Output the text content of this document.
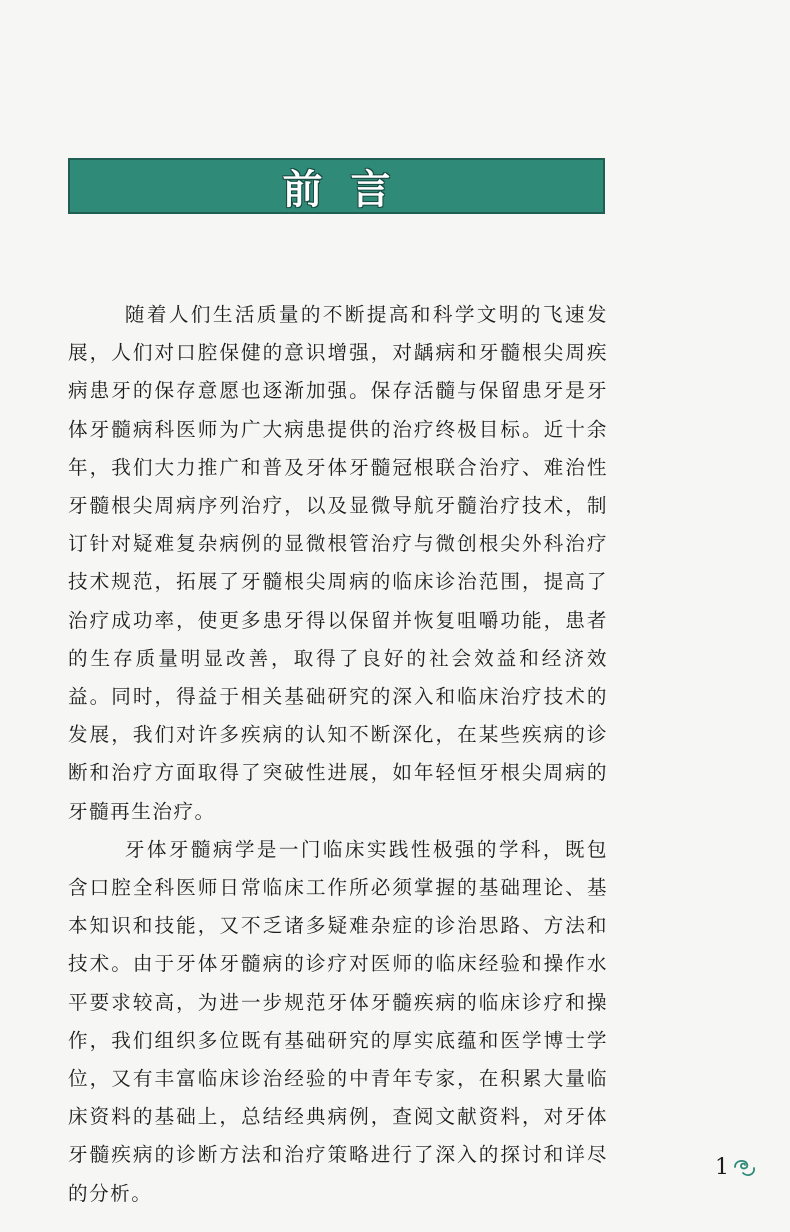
前言

随着人们生活质量的不断提高和科学文明的飞速发展，人们对口腔保健的意识增强，对龋病和牙髓根尖周疾病患牙的保存意愿也逐渐加强。保存活髓与保留患牙是牙体牙髓病科医师为广大病患提供的治疗终极目标。近十余年，我们大力推广和普及牙体牙髓冠根联合治疗、难治性牙髓根尖周病序列治疗，以及显微导航牙髓治疗技术，制订针对疑难复杂病例的显微根管治疗与微创根尖外科治疗技术规范，拓展了牙髓根尖周病的临床诊治范围，提高了治疗成功率，使更多患牙得以保留并恢复咀嚼功能，患者的生存质量明显改善，取得了良好的社会效益和经济效益。同时，得益于相关基础研究的深入和临床治疗技术的发展，我们对许多疾病的认知不断深化，在某些疾病的诊断和治疗方面取得了突破性进展，如年轻恒牙根尖周病的牙髓再生治疗。

牙体牙髓病学是一门临床实践性极强的学科，既包含口腔全科医师日常临床工作所必须掌握的基础理论、基本知识和技能，又不乏诸多疑难杂症的诊治思路、方法和技术。由于牙体牙髓病的诊疗对医师的临床经验和操作水平要求较高，为进一步规范牙体牙髓疾病的临床诊疗和操作，我们组织多位既有基础研究的厚实底蕴和医学博士学位，又有丰富临床诊治经验的中青年专家，在积累大量临床资料的基础上，总结经典病例，查阅文献资料，对牙体牙髓疾病的诊断方法和治疗策略进行了深入的探讨和详尽的分析。

1
